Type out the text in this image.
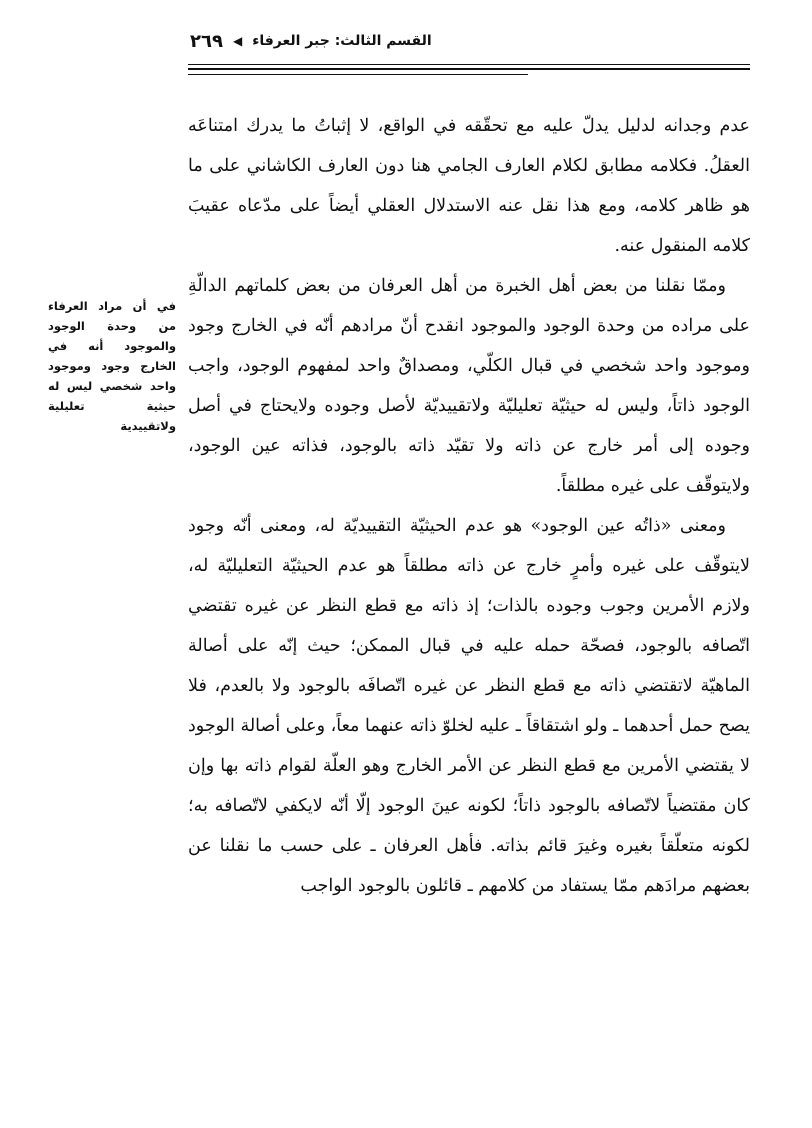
القسم الثالث: جبر العرفاء
◀
٢٦٩
في أن مراد العرفاء من وحدة الوجود والموجود أنه في الخارج وجود وموجود واحد شخصي ليس له حيثية تعليلية ولاتقييدية

عدم وجدانه لدليل يدلّ عليه مع تحقّقه في الواقع، لا إثباتُ ما يدرك امتناعَه العقلُ. فكلامه مطابق لكلام العارف الجامي هنا دون العارف الكاشاني على ما هو ظاهر كلامه، ومع هذا نقل عنه الاستدلال العقلي أيضاً على مدّعاه عقيبَ كلامه المنقول عنه.

وممّا نقلنا من بعض أهل الخبرة من أهل العرفان من بعض كلماتهم الدالّةِ على مراده من وحدة الوجود والموجود انقدح أنّ مرادهم أنّه في الخارج وجود وموجود واحد شخصي في قبال الكلّي، ومصداقٌ واحد لمفهوم الوجود، واجب الوجود ذاتاً، وليس له حيثيّة تعليليّة ولاتقييديّة لأصل وجوده ولايحتاج في أصل وجوده إلى أمر خارج عن ذاته ولا تقيّد ذاته بالوجود، فذاته عين الوجود، ولايتوقّف على غيره مطلقاً.

ومعنى «ذاتُه عين الوجود» هو عدم الحيثيّة التقييديّة له، ومعنى أنّه وجود لايتوقّف على غيره وأمرٍ خارج عن ذاته مطلقاً هو عدم الحيثيّة التعليليّة له، ولازم الأمرين وجوب وجوده بالذات؛ إذ ذاته مع قطع النظر عن غيره تقتضي اتّصافه بالوجود، فصحّة حمله عليه في قبال الممكن؛ حيث إنّه على أصالة الماهيّة لاتقتضي ذاته مع قطع النظر عن غيره اتّصافَه بالوجود ولا بالعدم، فلا يصح حمل أحدهما ـ ولو اشتقاقاً ـ عليه لخلوّ ذاته عنهما معاً، وعلى أصالة الوجود لا يقتضي الأمرين مع قطع النظر عن الأمر الخارج وهو العلّة لقوام ذاته بها وإن كان مقتضياً لاتّصافه بالوجود ذاتاً؛ لكونه عينَ الوجود إلّا أنّه لايكفي لاتّصافه به؛ لكونه متعلّقاً بغيره وغيرَ قائم بذاته. فأهل العرفان ـ على حسب ما نقلنا عن بعضهم مرادَهم ممّا يستفاد من كلامهم ـ قائلون بالوجود الواجب
